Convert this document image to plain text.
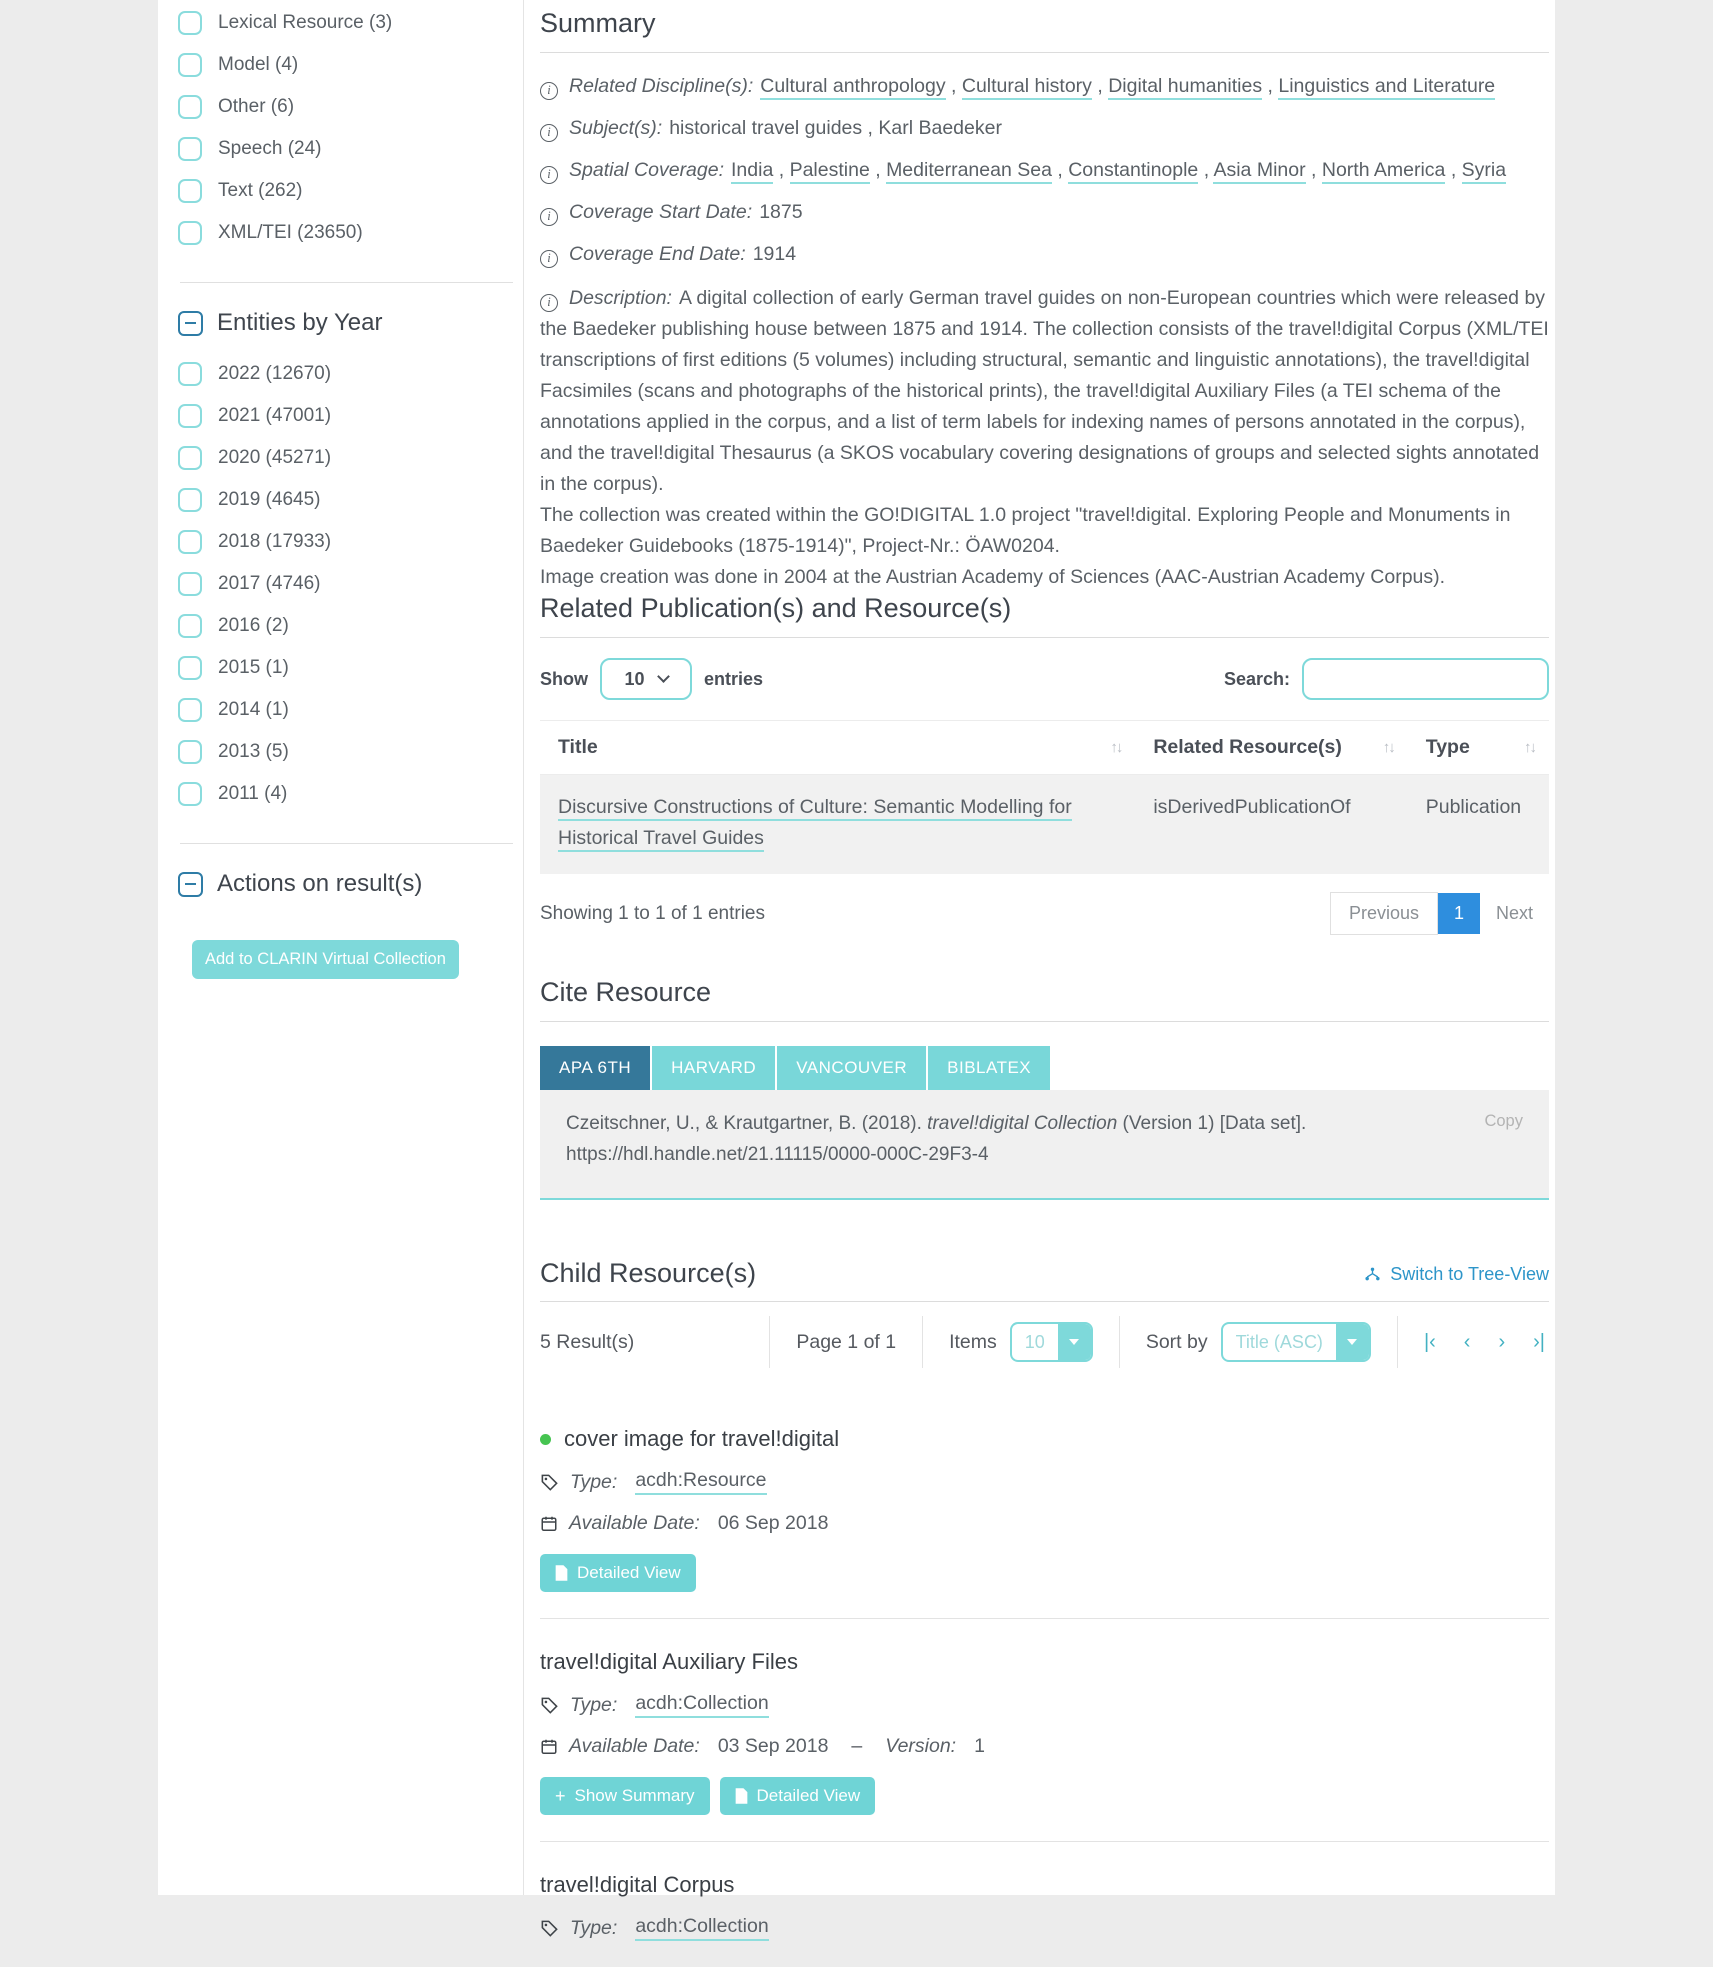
Lexical Resource (3)
Model (4)
Other (6)
Speech (24)
Text (262)
XML/TEI (23650)
Entities by Year
2022 (12670)
2021 (47001)
2020 (45271)
2019 (4645)
2018 (17933)
2017 (4746)
2016 (2)
2015 (1)
2014 (1)
2013 (5)
2011 (4)
Actions on result(s)
Add to CLARIN Virtual Collection
Summary
i Related Discipline(s): Cultural anthropology , Cultural history , Digital humanities , Linguistics and Literature
i Subject(s): historical travel guides , Karl Baedeker
i Spatial Coverage: India , Palestine , Mediterranean Sea , Constantinople , Asia Minor , North America , Syria
i Coverage Start Date: 1875
i Coverage End Date: 1914
i Description: A digital collection of early German travel guides on non-European countries which were released by the Baedeker publishing house between 1875 and 1914. The collection consists of the travel!digital Corpus (XML/TEI transcriptions of first editions (5 volumes) including structural, semantic and linguistic annotations), the travel!digital Facsimiles (scans and photographs of the historical prints), the travel!digital Auxiliary Files (a TEI schema of the annotations applied in the corpus, and a list of term labels for indexing names of persons annotated in the corpus), and the travel!digital Thesaurus (a SKOS vocabulary covering designations of groups and selected sights annotated in the corpus).
The collection was created within the GO!DIGITAL 1.0 project "travel!digital. Exploring People and Monuments in Baedeker Guidebooks (1875-1914)", Project-Nr.: ÖAW0204.
Image creation was done in 2004 at the Austrian Academy of Sciences (AAC-Austrian Academy Corpus).
Related Publication(s) and Resource(s)
Show 10	entries	Search:
Title ↑↓	Related Resource(s) ↑↓	Type ↑↓

Discursive Constructions of Culture: Semantic Modelling for Historical Travel Guides	isDerivedPublicationOf	Publication
Showing 1 to 1 of 1 entries	Previous	1	Next
Cite Resource
APA 6TH	HARVARD	VANCOUVER	BIBLATEX
Copy
Czeitschner, U., & Krautgartner, B. (2018). travel!digital Collection (Version 1) [Data set].
https://hdl.handle.net/21.11115/0000-000C-29F3-4
Child Resource(s)	Switch to Tree-View
5 Result(s)	Page 1 of 1	Items	10	Sort by	Title (ASC)	|‹ ‹ › ›|
cover image for travel!digital
Type: acdh:Resource
Available Date: 06 Sep 2018
Detailed View
travel!digital Auxiliary Files
Type: acdh:Collection
Available Date: 03 Sep 2018 – Version: 1
+ Show Summary	Detailed View
travel!digital Corpus
Type: acdh:Collection
